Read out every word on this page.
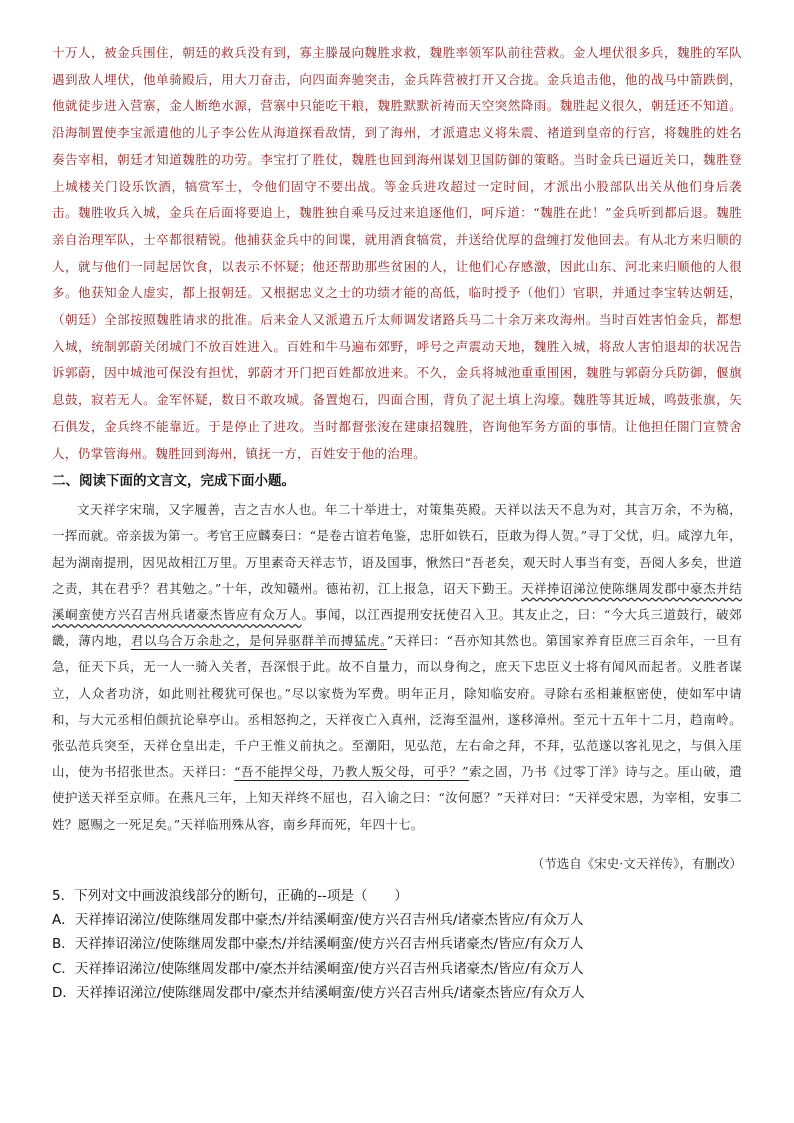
十万人，被金兵围住，朝廷的救兵没有到，寡主滕晟向魏胜求救，魏胜率领军队前往营救。金人埋伏很多兵，魏胜的军队遇到敌人埋伏，他单骑殿后，用大刀奋击，向四面奔驰突击，金兵阵营被打开又合拢。金兵追击他，他的战马中箭跌倒，他就徒步进入营寨，金人断绝水源，营寨中只能吃干粮，魏胜默默祈祷而天空突然降雨。魏胜起义很久，朝廷还不知道。沿海制置使李宝派遣他的儿子李公佐从海道探看敌情，到了海州，才派遣忠义将朱震、褚道到皇帝的行宫，将魏胜的姓名奏告宰相，朝廷才知道魏胜的功劳。李宝打了胜仗，魏胜也回到海州谋划卫国防御的策略。当时金兵已逼近关口，魏胜登上城楼关门设乐饮酒，犒赏军士，令他们固守不要出战。等金兵进攻超过一定时间，才派出小股部队出关从他们身后袭击。魏胜收兵入城，金兵在后面将要追上，魏胜独自乘马反过来追逐他们，呵斥道：“魏胜在此！”金兵听到都后退。魏胜亲自治理军队，士卒都很精锐。他捕获金兵中的间谍，就用酒食犒赏，并送给优厚的盘缠打发他回去。有从北方来归顺的人，就与他们一同起居饮食，以表示不怀疑；他还帮助那些贫困的人，让他们心存感激，因此山东、河北来归顺他的人很多。他获知金人虚实，都上报朝廷。又根据忠义之士的功绩才能的高低，临时授予（他们）官职，并通过李宝转达朝廷，（朝廷）全部按照魏胜请求的批准。后来金人又派遣五斤太师调发诸路兵马二十余万来攻海州。当时百姓害怕金兵，都想入城，统制郭蔚关闭城门不放百姓进入。百姓和牛马遍布郊野，呼号之声震动天地，魏胜入城，将敌人害怕退却的状况告诉郭蔚，因中城池可保没有担忧，郭蔚才开门把百姓都放进来。不久，金兵将城池重重围困，魏胜与郭蔚分兵防御，偃旗息鼓，寂若无人。金军怀疑，数日不敢攻城。备置炮石，四面合围，背负了泥土填上沟壕。魏胜等其近城，鸣鼓张旗，矢石俱发，金兵终不能靠近。于是停止了进攻。当时都督张浚在建康招魏胜，咨询他军务方面的事情。让他担任閤门宣赞舍人，仍掌管海州。魏胜回到海州，镇抚一方，百姓安于他的治理。

二、阅读下面的文言文，完成下面小题。

文天祥字宋瑞，又字履善，吉之吉水人也。年二十举进士，对策集英殿。天祥以法天不息为对，其言万余，不为稿，一挥而就。帝亲拔为第一。考官王应麟奏曰：“是卷古谊若龟鉴，忠肝如铁石，臣敢为得人贺。”寻丁父忧，归。咸淳九年，起为湖南提刑，因见故相江万里。万里素奇天祥志节，语及国事，愀然曰“吾老矣，观天时人事当有变，吾阅人多矣，世道之责，其在君乎？君其勉之。”十年，改知赣州。德祐初，江上报急，诏天下勤王。天祥捧诏涕泣使陈继周发郡中豪杰并结溪峒蛮使方兴召吉州兵诸豪杰皆应有众万人。事闻，以江西提刑安抚使召入卫。其友止之，曰：“今大兵三道鼓行，破郊畿，薄内地，君以乌合万余赴之，是何异驱群羊而搏猛虎。”天祥曰：“吾亦知其然也。第国家养育臣庶三百余年，一旦有急，征天下兵，无一人一骑入关者，吾深恨于此。故不自量力，而以身徇之，庶天下忠臣义士将有闻风而起者。义胜者谋立，人众者功济，如此则社稷犹可保也。”尽以家赀为军费。明年正月，除知临安府。寻除右丞相兼枢密使，使如军中请和，与大元丞相伯颜抗论皋亭山。丞相怒拘之，天祥夜亡入真州，泛海至温州，遂移漳州。至元十五年十二月，趋南岭。张弘范兵突至，天祥仓皇出走，千户王惟义前执之。至潮阳，见弘范，左右命之拜，不拜，弘范遂以客礼见之，与俱入厓山，使为书招张世杰。天祥曰：“吾不能捍父母，乃教人叛父母，可乎？”索之固，乃书《过零丁洋》诗与之。厓山破，遣使护送天祥至京师。在燕凡三年，上知天祥终不屈也，召入谕之曰：“汝何愿？”天祥对曰：“天祥受宋恩，为宰相，安事二姓？愿赐之一死足矣。”天祥临刑殊从容，南乡拜而死，年四十七。

（节选自《宋史·文天祥传》，有删改）

5．下列对文中画波浪线部分的断句，正确的--项是（　　）

A．天祥捧诏涕泣/使陈继周发郡中豪杰/并结溪峒蛮/使方兴召吉州兵/诸豪杰皆应/有众万人

B．天祥捧诏涕泣/使陈继周发郡中豪杰/并结溪峒蛮/使方兴召吉州兵诸豪杰/皆应/有众万人

C．天祥捧诏涕泣/使陈继周发郡中/豪杰并结溪峒蛮/使方兴召吉州兵诸豪杰/皆应/有众万人

D．天祥捧诏涕泣/使陈继周发郡中/豪杰并结溪峒蛮/使方兴召吉州兵/诸豪杰皆应/有众万人
